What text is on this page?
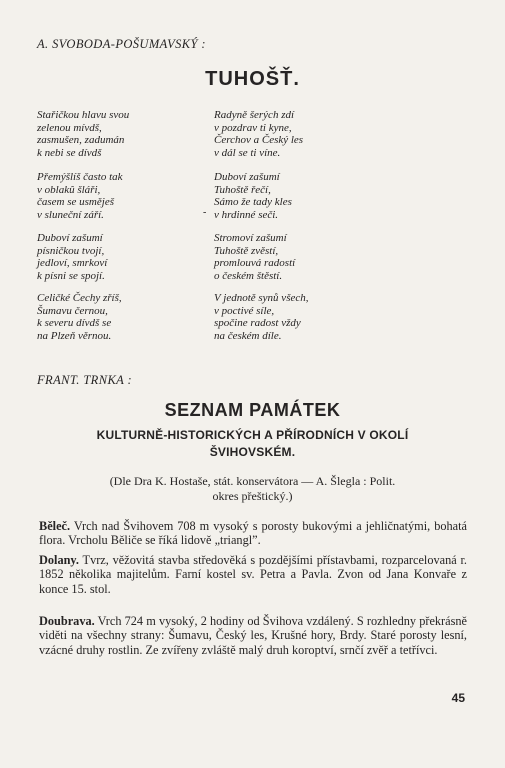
A. SVOBODA-POŠUMAVSKÝ :
TUHOŠŤ.
Stařičkou hlavu svou
zelenou mívdš,
zasmušen, zadumán
k nebi se dívdš
Přemýšlíš často tak
v oblakû šláři,
časem se usměješ
v sluneční září.
Duboví zašumí
písničkou tvojí,
jedloví, smrkoví
k písni se spojí.
Celičké Čechy zříš,
Šumavu černou,
k severu dívdš se
na Plzeň věrnou.
Radyně šerých zdí
v pozdrav ti kyne,
Čerchov a Český les
v dál se ti víne.
Duboví zašumí
Tuhoště řečí,
Sámo že tady kles
v hrdinné seči.
-
Stromoví zašumí
Tuhoště zvěstí,
promlouvá radostí
o českém štěstí.
V jednotě synů všech,
v poctivé síle,
spočine radost vždy
na českém díle.
FRANT. TRNKA :
SEZNAM PAMÁTEK
KULTURNĚ-HISTORICKÝCH A PŘÍRODNÍCH V OKOLÍ
ŠVIHOVSKÉM.
(Dle Dra K. Hostaše, stát. konservátora — A. Šlegla : Polit.
okres přeštický.)
Běleč. Vrch nad Švihovem 708 m vysoký s porosty bukovými a jehličnatými, bohatá flora. Vrcholu Běliče se říká lidově „trianglˮ.
Dolany. Tvrz, věžovitá stavba středověká s pozdějšími přístavbami, rozparcelovaná r. 1852 několika majitelům. Farní kostel sv. Petra a Pavla. Zvon od Jana Konvaře z konce 15. stol.
Doubrava. Vrch 724 m vysoký, 2 hodiny od Švihova vzdálený. S rozhledny překrásně viděti na všechny strany: Šumavu, Český les, Krušné hory, Brdy. Staré porosty lesní, vzácné druhy rostlin. Ze zvířeny zvláště malý druh koroptví, srnčí zvěř a tetřívci.
45
